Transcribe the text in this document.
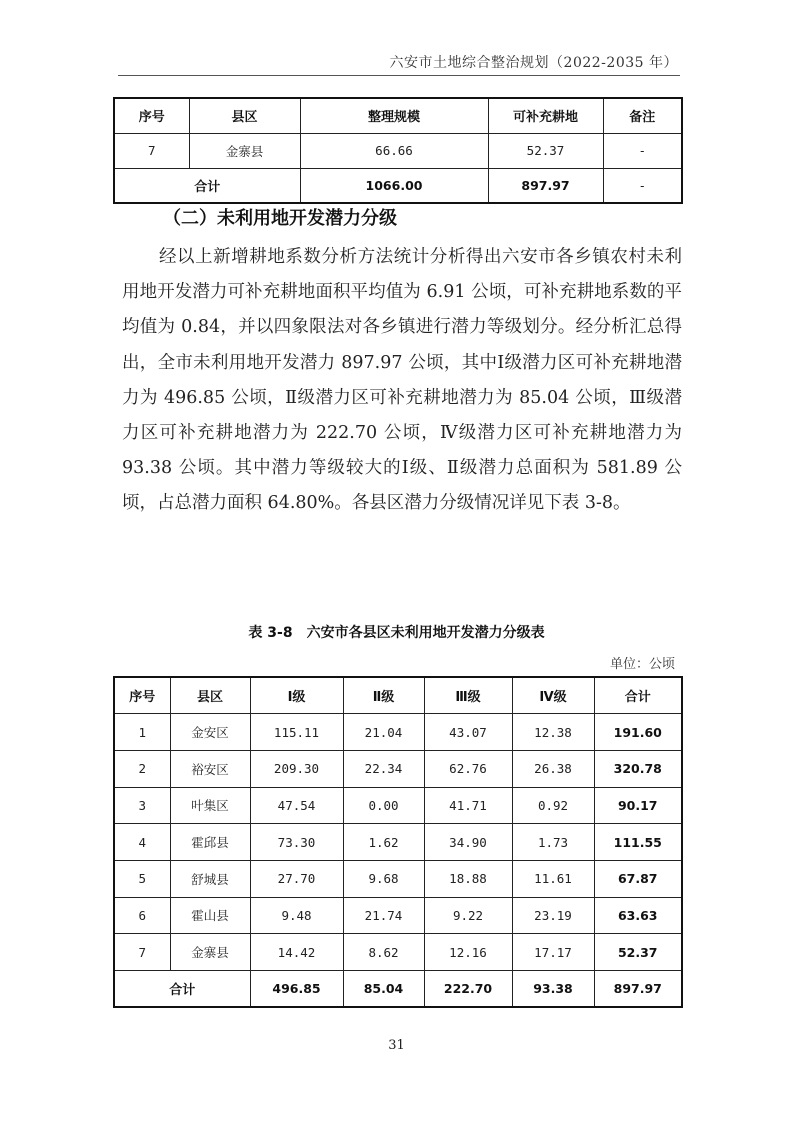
六安市土地综合整治规划（2022-2035 年）
序号	县区	整理规模	可补充耕地	备注
7	金寨县	66.66	52.37	-
合计		1066.00	897.97	-
（二）未利用地开发潜力分级

经以上新增耕地系数分析方法统计分析得出六安市各乡镇农村未利用地开发潜力可补充耕地面积平均值为 6.91 公顷，可补充耕地系数的平均值为 0.84，并以四象限法对各乡镇进行潜力等级划分。经分析汇总得出，全市未利用地开发潜力 897.97 公顷，其中Ⅰ级潜力区可补充耕地潜力为 496.85 公顷，Ⅱ级潜力区可补充耕地潜力为 85.04 公顷，Ⅲ级潜力区可补充耕地潜力为 222.70 公顷，Ⅳ级潜力区可补充耕地潜力为 93.38 公顷。其中潜力等级较大的Ⅰ级、Ⅱ级潜力总面积为 581.89 公顷，占总潜力面积 64.80%。各县区潜力分级情况详见下表 3-8。

表 3-8　六安市各县区未利用地开发潜力分级表
单位：公顷
序号	县区	Ⅰ级	Ⅱ级	Ⅲ级	Ⅳ级	合计
1	金安区	115.11	21.04	43.07	12.38	191.60
2	裕安区	209.30	22.34	62.76	26.38	320.78
3	叶集区	47.54	0.00	41.71	0.92	90.17
4	霍邱县	73.30	1.62	34.90	1.73	111.55
5	舒城县	27.70	9.68	18.88	11.61	67.87
6	霍山县	9.48	21.74	9.22	23.19	63.63
7	金寨县	14.42	8.62	12.16	17.17	52.37
合计		496.85	85.04	222.70	93.38	897.97
31
